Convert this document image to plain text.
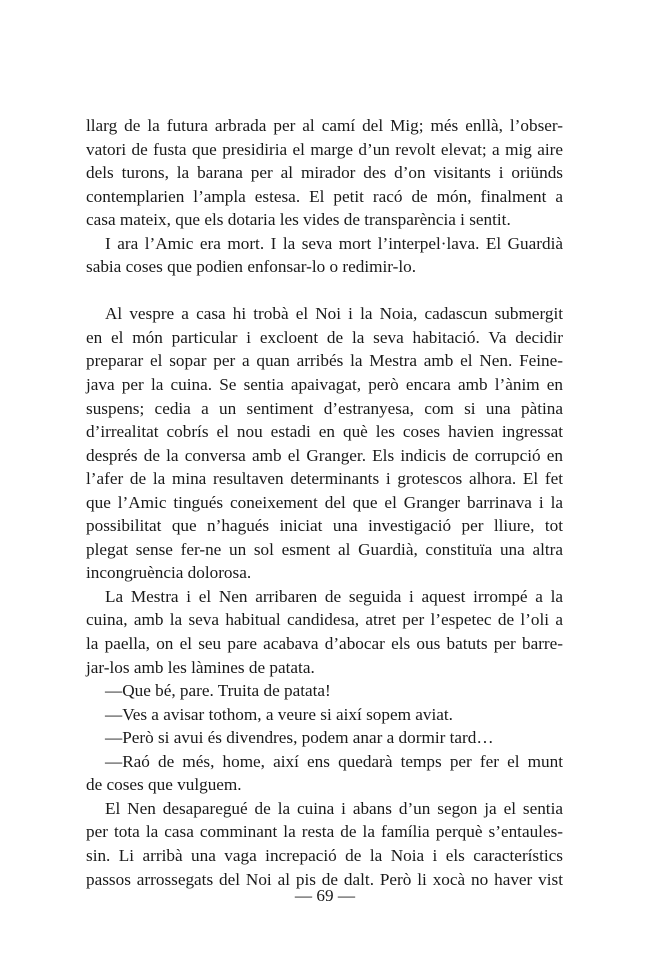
llarg de la futura arbrada per al camí del Mig; més enllà, l’obser-
vatori de fusta que presidiria el marge d’un revolt elevat; a mig aire
dels turons, la barana per al mirador des d’on visitants i oriünds
contemplarien l’ampla estesa. El petit racó de món, finalment a
casa mateix, que els dotaria les vides de transparència i sentit.
I ara l’Amic era mort. I la seva mort l’interpel·lava. El Guardià
sabia coses que podien enfonsar-lo o redimir-lo.
Al vespre a casa hi trobà el Noi i la Noia, cadascun submergit
en el món particular i excloent de la seva habitació. Va decidir
preparar el sopar per a quan arribés la Mestra amb el Nen. Feine-
java per la cuina. Se sentia apaivagat, però encara amb l’ànim en
suspens; cedia a un sentiment d’estranyesa, com si una pàtina
d’irrealitat cobrís el nou estadi en què les coses havien ingressat
després de la conversa amb el Granger. Els indicis de corrupció en
l’afer de la mina resultaven determinants i grotescos alhora. El fet
que l’Amic tingués coneixement del que el Granger barrinava i la
possibilitat que n’hagués iniciat una investigació per lliure, tot
plegat sense fer-ne un sol esment al Guardià, constituïa una altra
incongruència dolorosa.
La Mestra i el Nen arribaren de seguida i aquest irrompé a la
cuina, amb la seva habitual candidesa, atret per l’espetec de l’oli a
la paella, on el seu pare acabava d’abocar els ous batuts per barre-
jar-los amb les làmines de patata.
—Que bé, pare. Truita de patata!
—Ves a avisar tothom, a veure si així sopem aviat.
—Però si avui és divendres, podem anar a dormir tard…
—Raó de més, home, així ens quedarà temps per fer el munt
de coses que vulguem.
El Nen desaparegué de la cuina i abans d’un segon ja el sentia
per tota la casa comminant la resta de la família perquè s’entaules-
sin. Li arribà una vaga increpació de la Noia i els característics
passos arrossegats del Noi al pis de dalt. Però li xocà no haver vist
— 69 —
